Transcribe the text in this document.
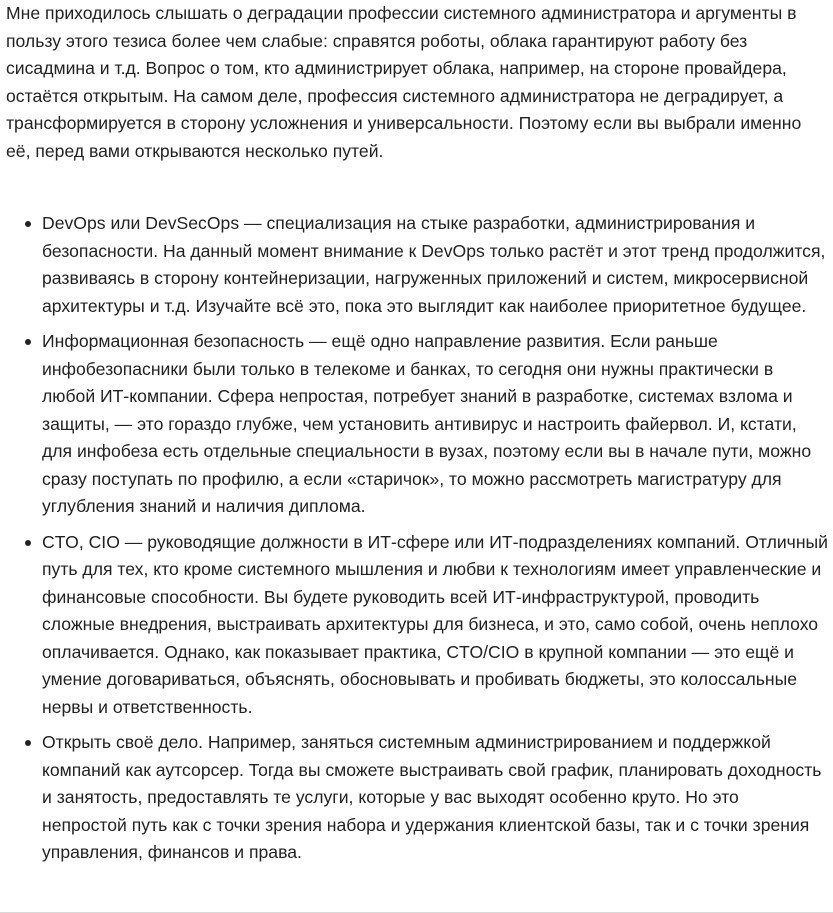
Мне приходилось слышать о деградации профессии системного администратора и аргументы в пользу этого тезиса более чем слабые: справятся роботы, облака гарантируют работу без сисадмина и т.д. Вопрос о том, кто администрирует облака, например, на стороне провайдера, остаётся открытым. На самом деле, профессия системного администратора не деградирует, а трансформируется в сторону усложнения и универсальности. Поэтому если вы выбрали именно её, перед вами открываются несколько путей.

DevOps или DevSecOps — специализация на стыке разработки, администрирования и безопасности. На данный момент внимание к DevOps только растёт и этот тренд продолжится, развиваясь в сторону контейнеризации, нагруженных приложений и систем, микросервисной архитектуры и т.д. Изучайте всё это, пока это выглядит как наиболее приоритетное будущее.
Информационная безопасность — ещё одно направление развития. Если раньше инфобезопасники были только в телекоме и банках, то сегодня они нужны практически в любой ИТ-компании. Сфера непростая, потребует знаний в разработке, системах взлома и защиты, — это гораздо глубже, чем установить антивирус и настроить файервол. И, кстати, для инфобеза есть отдельные специальности в вузах, поэтому если вы в начале пути, можно сразу поступать по профилю, а если «старичок», то можно рассмотреть магистратуру для углубления знаний и наличия диплома.
CTO, CIO — руководящие должности в ИТ-сфере или ИТ-подразделениях компаний. Отличный путь для тех, кто кроме системного мышления и любви к технологиям имеет управленческие и финансовые способности. Вы будете руководить всей ИТ-инфраструктурой, проводить сложные внедрения, выстраивать архитектуры для бизнеса, и это, само собой, очень неплохо оплачивается. Однако, как показывает практика, CTO/CIO в крупной компании — это ещё и умение договариваться, объяснять, обосновывать и пробивать бюджеты, это колоссальные нервы и ответственность.
Открыть своё дело. Например, заняться системным администрированием и поддержкой компаний как аутсорсер. Тогда вы сможете выстраивать свой график, планировать доходность и занятость, предоставлять те услуги, которые у вас выходят особенно круто. Но это непростой путь как с точки зрения набора и удержания клиентской базы, так и с точки зрения управления, финансов и права.
